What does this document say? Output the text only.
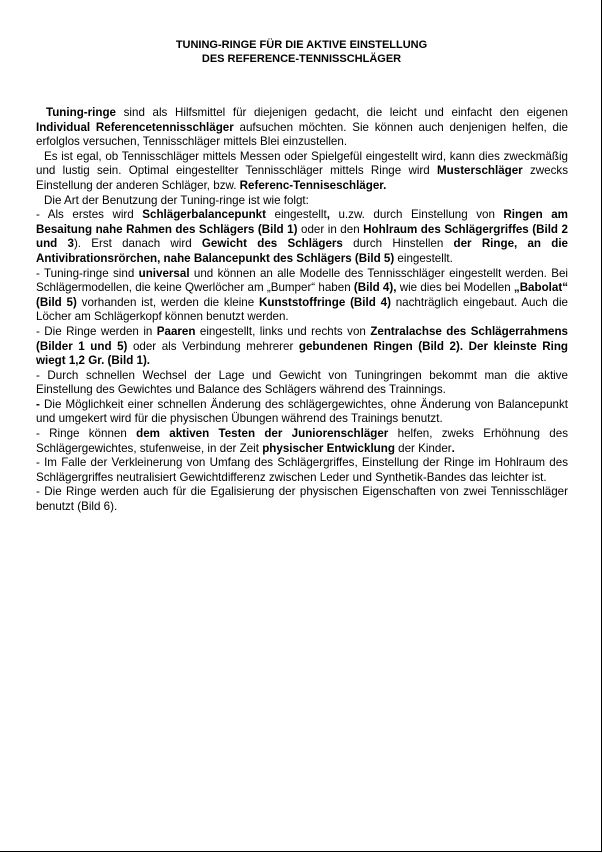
TUNING-RINGE FÜR DIE AKTIVE EINSTELLUNG
DES REFERENCE-TENNISSCHLÄGER

Tuning-ringe sind als Hilfsmittel für diejenigen gedacht, die leicht und einfacht den eigenen Individual Referencetennisschläger aufsuchen möchten. Sie können auch denjenigen helfen, die erfolglos versuchen, Tennisschläger mittels Blei einzustellen.

Es ist egal, ob Tennisschläger mittels Messen oder Spielgefül eingestellt wird, kann dies zweckmäßig und lustig sein. Optimal eingestellter Tennisschläger mittels Ringe wird Musterschläger zwecks Einstellung der anderen Schläger, bzw. Referenc-Tenniseschläger.

Die Art der Benutzung der Tuning-ringe ist wie folgt:

- Als erstes wird Schlägerbalancepunkt eingestellt, u.zw. durch Einstellung von Ringen am Besaitung nahe Rahmen des Schlägers (Bild 1) oder in den Hohlraum des Schlägergriffes (Bild 2 und 3). Erst danach wird Gewicht des Schlägers durch Hinstellen der Ringe, an die Antivibrationsrörchen, nahe Balancepunkt des Schlägers (Bild 5) eingestellt.

- Tuning-ringe sind universal und können an alle Modelle des Tennisschläger eingestellt werden. Bei Schlägermodellen, die keine Qwerlöcher am „Bumper“ haben (Bild 4), wie dies bei Modellen „Babolat“ (Bild 5) vorhanden ist, werden die kleine Kunststoffringe (Bild 4) nachträglich eingebaut. Auch die Löcher am Schlägerkopf können benutzt werden.

- Die Ringe werden in Paaren eingestellt, links und rechts von Zentralachse des Schlägerrahmens (Bilder 1 und 5) oder als Verbindung mehrerer gebundenen Ringen (Bild 2). Der kleinste Ring wiegt 1,2 Gr. (Bild 1).

- Durch schnellen Wechsel der Lage und Gewicht von Tuningringen bekommt man die aktive Einstellung des Gewichtes und Balance des Schlägers während des Trainnings.

- Die Möglichkeit einer schnellen Änderung des schlägergewichtes, ohne Änderung von Balancepunkt und umgekert wird für die physischen Übungen während des Trainings benutzt.

- Ringe können dem aktiven Testen der Juniorenschläger helfen, zweks Erhöhnung des Schlägergewichtes, stufenweise, in der Zeit physischer Entwicklung der Kinder.

- Im Falle der Verkleinerung von Umfang des Schlägergriffes, Einstellung der Ringe im Hohlraum des Schlägergriffes neutralisiert Gewichtdifferenz zwischen Leder und Synthetik-Bandes das leichter ist.

- Die Ringe werden auch für die Egalisierung der physischen Eigenschaften von zwei Tennisschläger benutzt (Bild 6).
